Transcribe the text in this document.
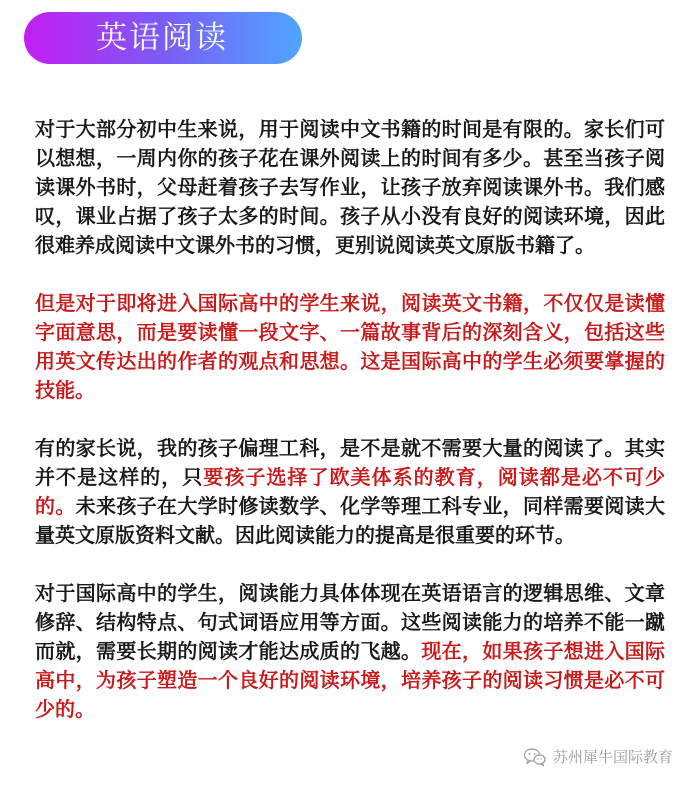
英语阅读

对于大部分初中生来说，用于阅读中文书籍的时间是有限的。家长们可以想想，一周内你的孩子花在课外阅读上的时间有多少。甚至当孩子阅读课外书时，父母赶着孩子去写作业，让孩子放弃阅读课外书。我们感叹，课业占据了孩子太多的时间。孩子从小没有良好的阅读环境，因此很难养成阅读中文课外书的习惯，更别说阅读英文原版书籍了。

但是对于即将进入国际高中的学生来说，阅读英文书籍，不仅仅是读懂字面意思，而是要读懂一段文字、一篇故事背后的深刻含义，包括这些用英文传达出的作者的观点和思想。这是国际高中的学生必须要掌握的技能。

有的家长说，我的孩子偏理工科，是不是就不需要大量的阅读了。其实并不是这样的，只要孩子选择了欧美体系的教育，阅读都是必不可少的。未来孩子在大学时修读数学、化学等理工科专业，同样需要阅读大量英文原版资料文献。因此阅读能力的提高是很重要的环节。

对于国际高中的学生，阅读能力具体体现在英语语言的逻辑思维、文章修辞、结构特点、句式词语应用等方面。这些阅读能力的培养不能一蹴而就，需要长期的阅读才能达成质的飞越。现在，如果孩子想进入国际高中，为孩子塑造一个良好的阅读环境，培养孩子的阅读习惯是必不可少的。

苏州犀牛国际教育
